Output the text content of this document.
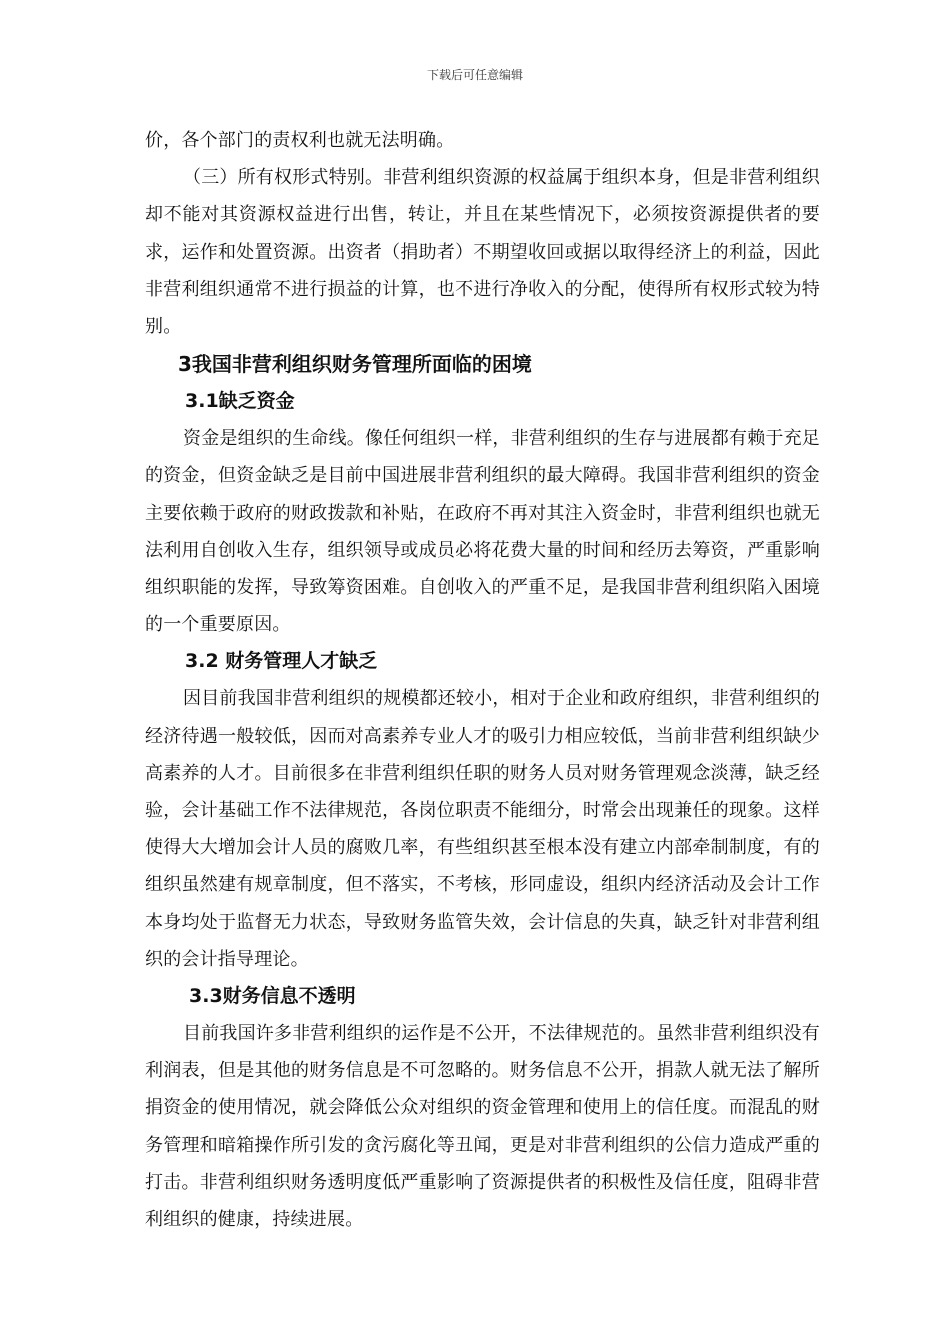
下载后可任意编辑

价，各个部门的责权利也就无法明确。

（三）所有权形式特别。非营利组织资源的权益属于组织本身，但是非营利组织却不能对其资源权益进行出售，转让，并且在某些情况下，必须按资源提供者的要求，运作和处置资源。出资者（捐助者）不期望收回或据以取得经济上的利益，因此非营利组织通常不进行损益的计算，也不进行净收入的分配，使得所有权形式较为特别。

3我国非营利组织财务管理所面临的困境
3.1缺乏资金

资金是组织的生命线。像任何组织一样，非营利组织的生存与进展都有赖于充足的资金，但资金缺乏是目前中国进展非营利组织的最大障碍。我国非营利组织的资金主要依赖于政府的财政拨款和补贴，在政府不再对其注入资金时，非营利组织也就无法利用自创收入生存，组织领导或成员必将花费大量的时间和经历去筹资，严重影响组织职能的发挥，导致筹资困难。自创收入的严重不足，是我国非营利组织陷入困境的一个重要原因。

3.2 财务管理人才缺乏

因目前我国非营利组织的规模都还较小，相对于企业和政府组织，非营利组织的经济待遇一般较低，因而对高素养专业人才的吸引力相应较低，当前非营利组织缺少高素养的人才。目前很多在非营利组织任职的财务人员对财务管理观念淡薄，缺乏经验，会计基础工作不法律规范，各岗位职责不能细分，时常会出现兼任的现象。这样使得大大增加会计人员的腐败几率，有些组织甚至根本没有建立内部牵制制度，有的组织虽然建有规章制度，但不落实，不考核，形同虚设，组织内经济活动及会计工作本身均处于监督无力状态，导致财务监管失效，会计信息的失真，缺乏针对非营利组织的会计指导理论。

3.3财务信息不透明

目前我国许多非营利组织的运作是不公开，不法律规范的。虽然非营利组织没有利润表，但是其他的财务信息是不可忽略的。财务信息不公开，捐款人就无法了解所捐资金的使用情况，就会降低公众对组织的资金管理和使用上的信任度。而混乱的财务管理和暗箱操作所引发的贪污腐化等丑闻，更是对非营利组织的公信力造成严重的打击。非营利组织财务透明度低严重影响了资源提供者的积极性及信任度，阻碍非营利组织的健康，持续进展。
